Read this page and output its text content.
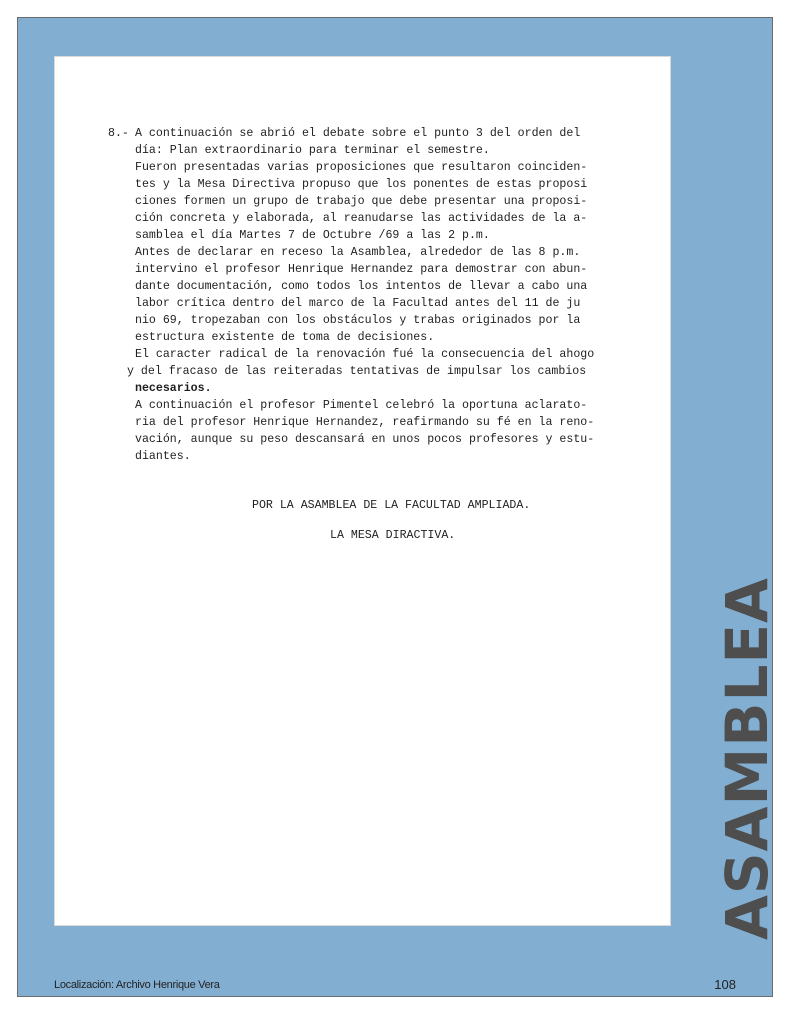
8.- A continuación se abrió el debate sobre el punto 3 del orden del
día: Plan extraordinario para terminar el semestre.
Fueron presentadas varias proposiciones que resultaron coinciden-
tes y la Mesa Directiva propuso que los ponentes de estas proposi
ciones formen un grupo de trabajo que debe presentar una proposi-
ción concreta y elaborada, al reanudarse las actividades de la a-
samblea el día Martes 7 de Octubre /69 a las 2 p.m.
Antes de declarar en receso la Asamblea, alrededor de las 8 p.m.
intervino el profesor Henrique Hernandez para demostrar con abun-
dante documentación, como todos los intentos de llevar a cabo una
labor crítica dentro del marco de la Facultad antes del 11 de ju
nio 69, tropezaban con los obstáculos y trabas originados por la
estructura existente de toma de decisiones.
El caracter radical de la renovación fué la consecuencia del ahogo
y del fracaso de las reiteradas tentativas de impulsar los cambios
necesarios.
A continuación el profesor Pimentel celebró la oportuna aclarato-
ria del profesor Henrique Hernandez, reafirmando su fé en la reno-
vación, aunque su peso descansará en unos pocos profesores y estu-
diantes.
POR LA ASAMBLEA DE LA FACULTAD AMPLIADA.
LA MESA DIRACTIVA.
ASAMBLEA
Localización: Archivo Henrique Vera	108
